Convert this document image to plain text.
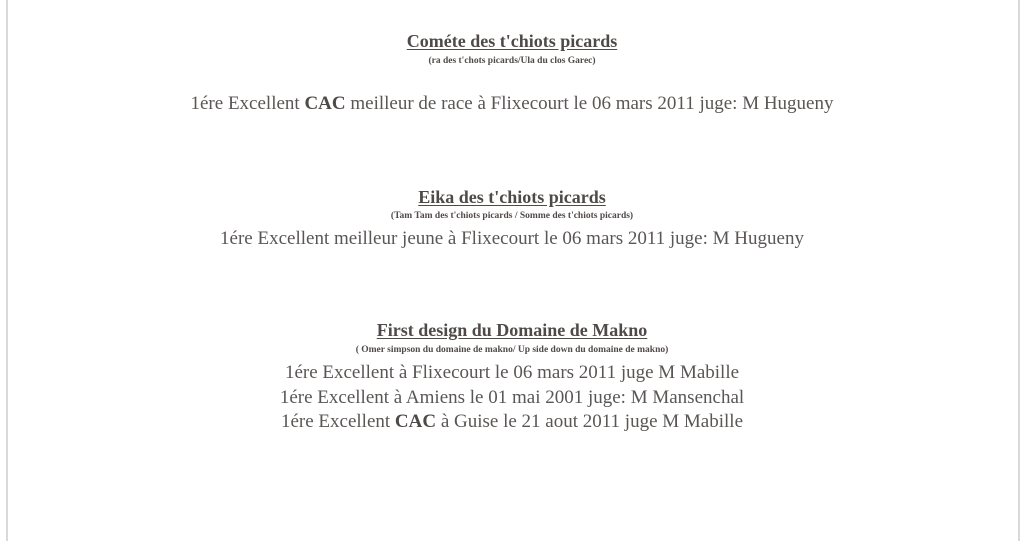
Cométe des t'chiots picards
(ra des t'chots picards/Ula du clos Garec)
1ére Excellent CAC meilleur de race à Flixecourt le 06 mars 2011 juge: M Hugueny
Eika des t'chiots picards
(Tam Tam des t'chiots picards / Somme des t'chiots picards)
1ére Excellent meilleur jeune à Flixecourt le 06 mars 2011 juge: M Hugueny
First design du Domaine de Makno
( Omer simpson du domaine de makno/ Up side down du domaine de makno)
1ére Excellent à Flixecourt le 06 mars 2011 juge M Mabille
1ére Excellent à Amiens le 01 mai 2001 juge: M Mansenchal
1ére Excellent CAC à Guise le 21 aout 2011 juge M Mabille
